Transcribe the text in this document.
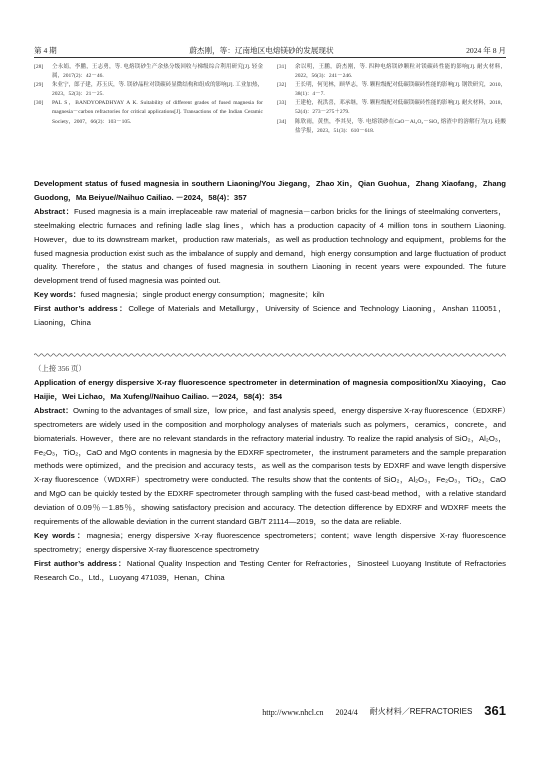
第 4 期	蔚杰刚，等：辽南地区电熔镁砂的发展现状	2024 年 8 月
[28]	仝永娟，李鹏，王志勇，等. 电熔镁砂生产余热分级回收与梯级综合利用研究[J]. 轻金属，2017(2)：42－46.
[29]	朱业宁，郎子建，苏玉庆，等. 镁砂晶粒对镁碳砖显微结构和组成的影响[J]. 工业加热，2023，52(3)：21－25.
[30]	PAL S，BANDYOPADHYAY A K. Suitability of different grades of fused magnesia for magnesia－carbon refractories for critical applications[J]. Transactions of the Indian Ceramic Society，2007，66(2)：103－105.
[31]	余以明，王鹏，蔚杰刚，等. 四种电熔镁砂颗粒对镁碳砖性能的影响[J]. 耐火材料，2022，56(3)：241－246.
[32]	王长明，何见林，顾华志，等. 颗粒级配对低碳镁碳砖性能的影响[J]. 钢铁研究，2010，38(1)：4－7.
[33]	王建枪，祝洪喜，邓承继，等. 颗粒级配对低碳镁碳砖性能的影响[J]. 耐火材料，2018，52(4)：273－275＋279.
[34]	陈欣雨，黄焦，李其昊，等. 电熔镁砂在CaO－Al₂O₃－SiO₂ 熔渣中的溶解行为[J]. 硅酸盐学报，2023，51(3)：610－618.

Development status of fused magnesia in southern Liaoning/You Jiegang，Zhao Xin，Qian Guohua，Zhang Xiaofang，Zhang Guodong，Ma Beiyue//Naihuo Cailiao. －2024，58(4)：357

Abstract：Fused magnesia is a main irreplaceable raw material of magnesia－carbon bricks for the linings of steelmaking converters，steelmaking electric furnaces and refining ladle slag lines，which has a production capacity of 4 million tons in southern Liaoning. However，due to its downstream market，production raw materials，as well as production technology and equipment，problems for the fused magnesia production exist such as the imbalance of supply and demand，high energy consumption and large fluctuation of product quality. Therefore，the status and changes of fused magnesia in southern Liaoning in recent years were expounded. The future development trend of fused magnesia was pointed out.

Key words：fused magnesia；single product energy consumption；magnesite；kiln

First author’s address：College of Materials and Metallurgy，University of Science and Technology Liaoning，Anshan 110051，Liaoning，China

（上接 356 页）

Application of energy dispersive X-ray fluorescence spectrometer in determination of magnesia composition/Xu Xiaoying，Cao Haijie，Wei Lichao，Ma Xufeng//Naihuo Cailiao. －2024，58(4)：354

Abstract：Owning to the advantages of small size，low price，and fast analysis speed，energy dispersive X-ray fluorescence（EDXRF）spectrometers are widely used in the composition and morphology analyses of materials such as polymers，ceramics，concrete，and biomaterials. However，there are no relevant standards in the refractory material industry. To realize the rapid analysis of SiO₂，Al₂O₃，Fe₂O₃，TiO₂，CaO and MgO contents in magnesia by the EDXRF spectrometer，the instrument parameters and the sample preparation methods were optimized，and the precision and accuracy tests，as well as the comparison tests by EDXRF and wave length dispersive X-ray fluorescence（WDXRF）spectrometry were conducted. The results show that the contents of SiO₂，Al₂O₃，Fe₂O₃，TiO₂，CaO and MgO can be quickly tested by the EDXRF spectrometer through sampling with the fused cast-bead method，with a relative standard deviation of 0.09％－1.85％，showing satisfactory precision and accuracy. The detection difference by EDXRF and WDXRF meets the requirements of the allowable deviation in the current standard GB/T 21114—2019，so the data are reliable.

Key words：magnesia；energy dispersive X-ray fluorescence spectrometers；content；wave length dispersive X-ray fluorescence spectrometry；energy dispersive X-ray fluorescence spectrometry

First author’s address：National Quality Inspection and Testing Center for Refractories，Sinosteel Luoyang Institute of Refractories Research Co.，Ltd.，Luoyang 471039，Henan，China

http://www.nhcl.cn 2024/4 耐火材料／REFRACTORIES 361
